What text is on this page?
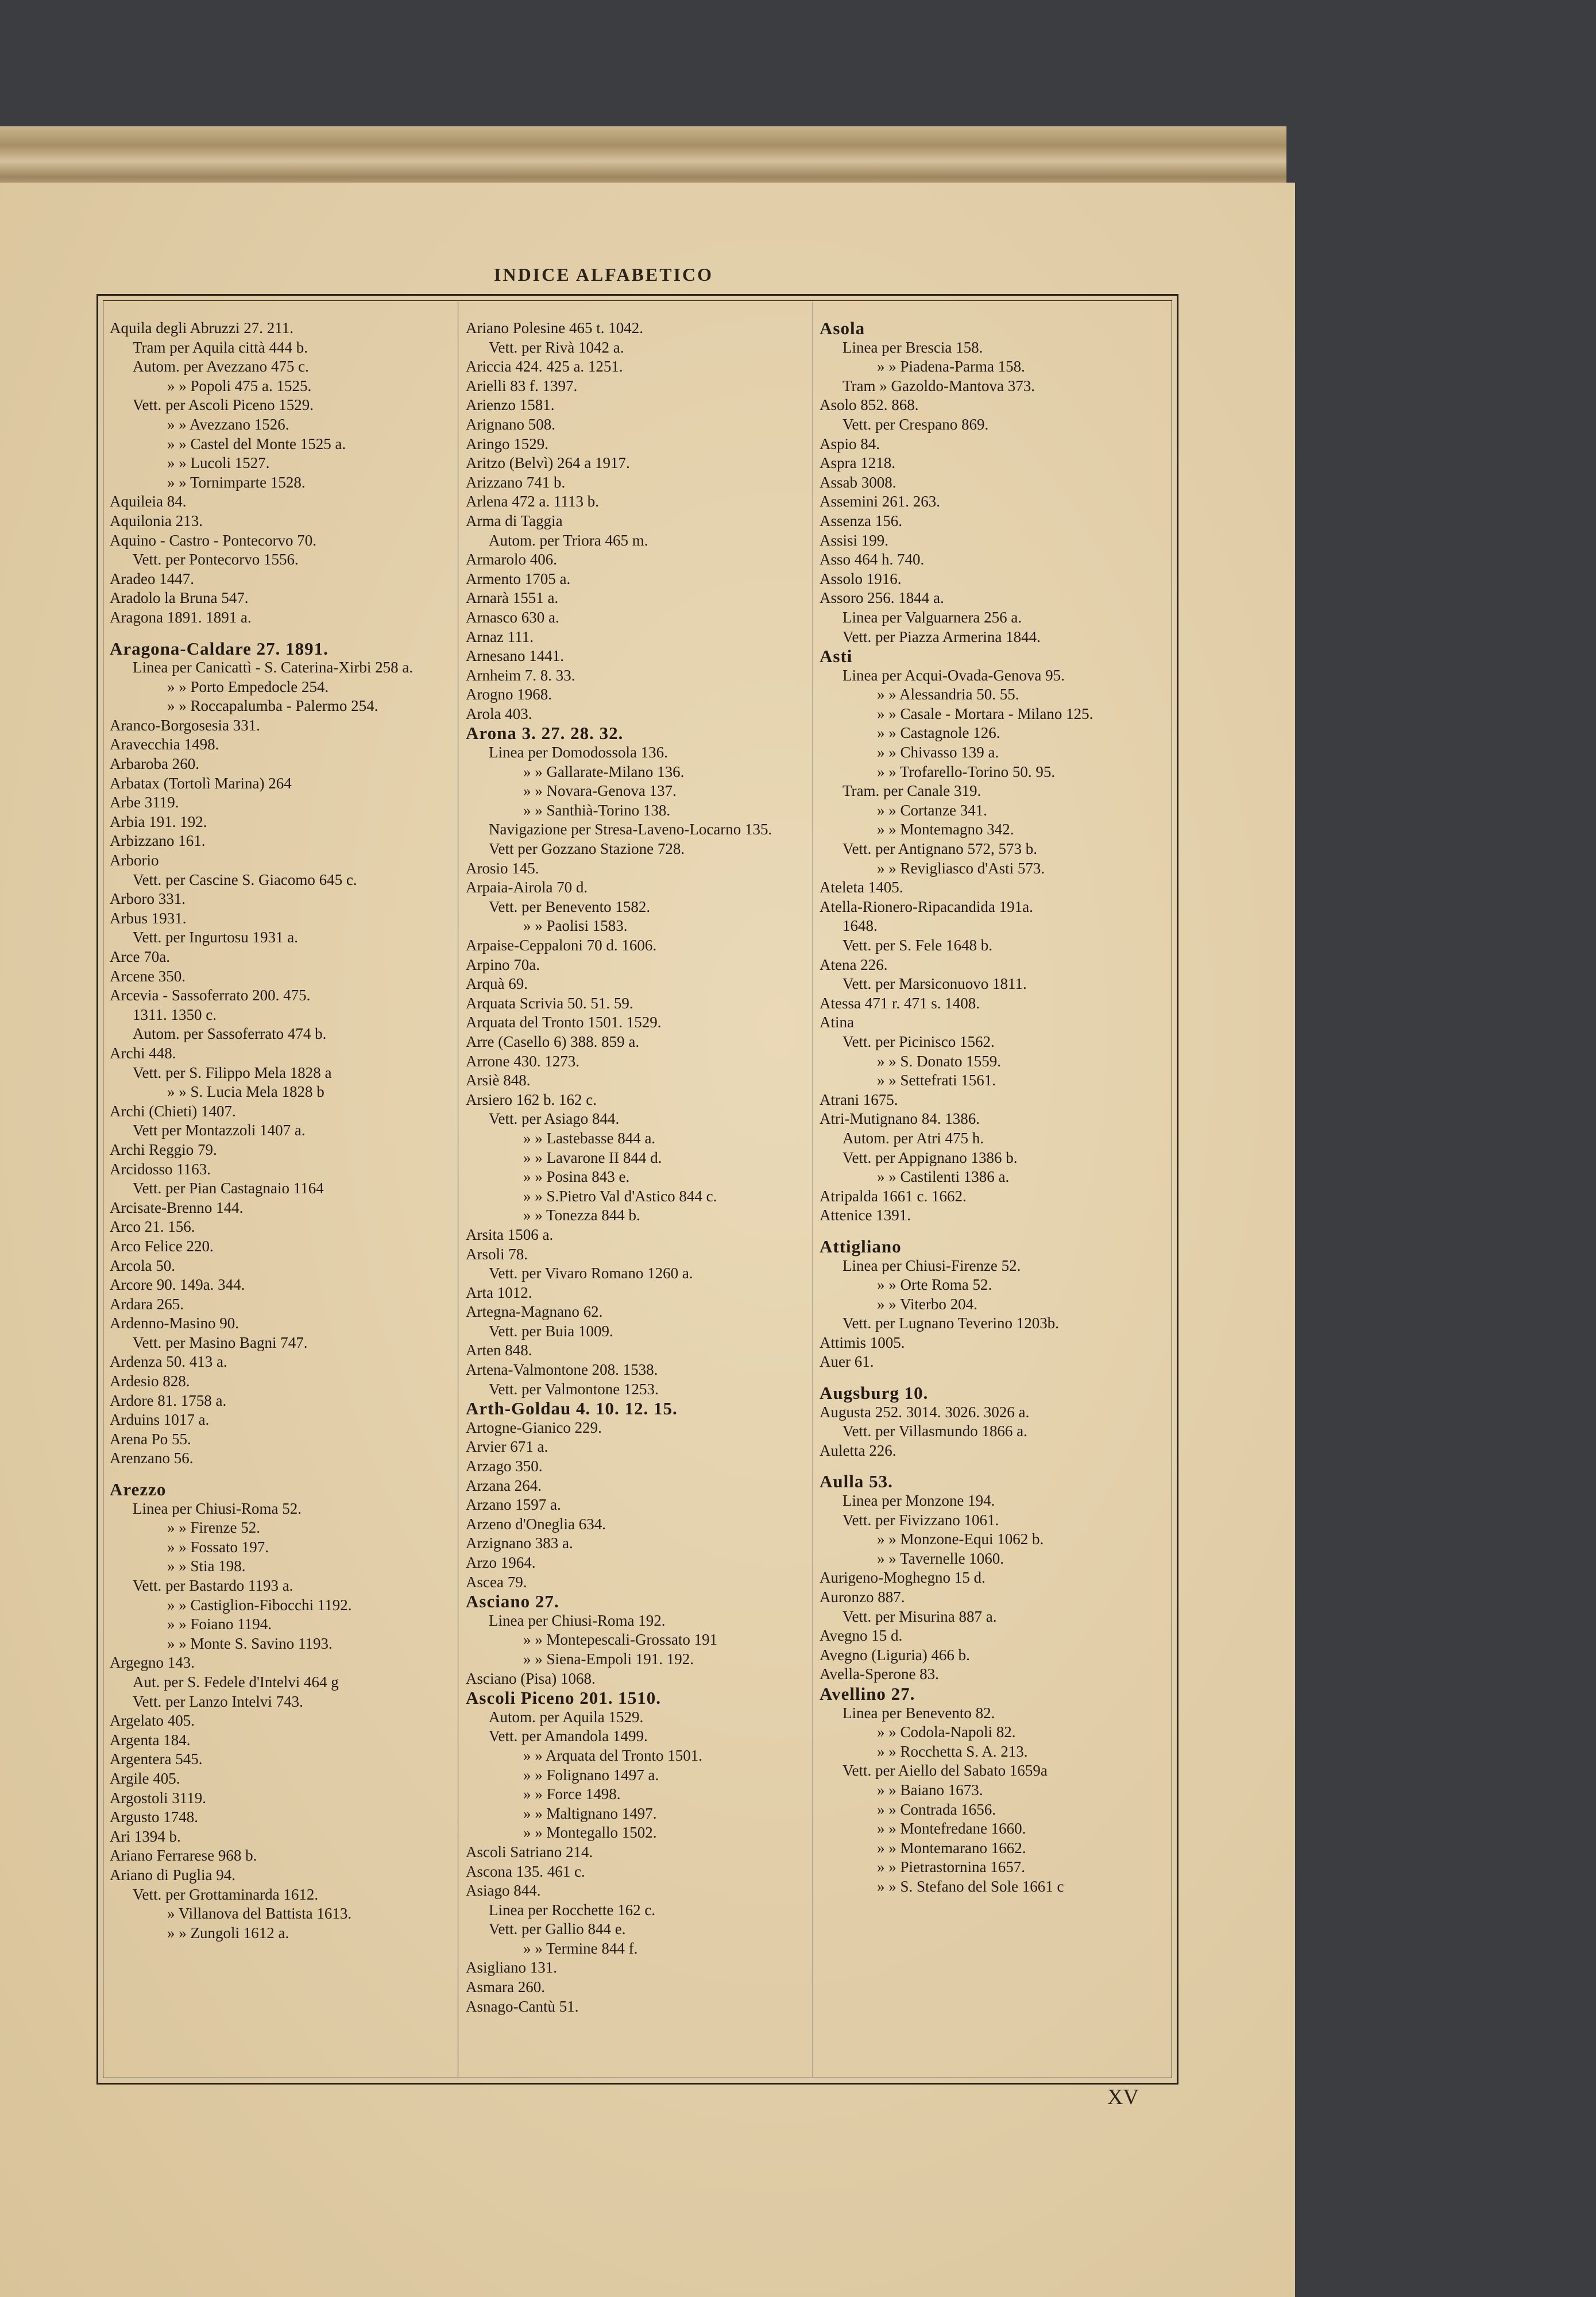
INDICE ALFABETICO
Aquila degli Abruzzi 27. 211.
Tram per Aquila città 444 b.
Autom. per Avezzano 475 c.
» » Popoli 475 a. 1525.
Vett. per Ascoli Piceno 1529.
» » Avezzano 1526.
» » Castel del Monte 1525 a.
» » Lucoli 1527.
» » Tornimparte 1528.
Aquileia 84.
Aquilonia 213.
Aquino - Castro - Pontecorvo 70.
Vett. per Pontecorvo 1556.
Aradeo 1447.
Aradolo la Bruna 547.
Aragona 1891. 1891 a.
Aragona-Caldare 27. 1891.
Linea per Canicattì - S. Caterina-Xirbi 258 a.
» » Porto Empedocle 254.
» » Roccapalumba - Palermo 254.
Aranco-Borgosesia 331.
Aravecchia 1498.
Arbaroba 260.
Arbatax (Tortolì Marina) 264
Arbe 3119.
Arbia 191. 192.
Arbizzano 161.
Arborio
Vett. per Cascine S. Giacomo 645 c.
Arboro 331.
Arbus 1931.
Vett. per Ingurtosu 1931 a.
Arce 70a.
Arcene 350.
Arcevia - Sassoferrato 200. 475.
1311. 1350 c.
Autom. per Sassoferrato 474 b.
Archi 448.
Vett. per S. Filippo Mela 1828 a
» » S. Lucia Mela 1828 b
Archi (Chieti) 1407.
Vett per Montazzoli 1407 a.
Archi Reggio 79.
Arcidosso 1163.
Vett. per Pian Castagnaio 1164
Arcisate-Brenno 144.
Arco 21. 156.
Arco Felice 220.
Arcola 50.
Arcore 90. 149a. 344.
Ardara 265.
Ardenno-Masino 90.
Vett. per Masino Bagni 747.
Ardenza 50. 413 a.
Ardesio 828.
Ardore 81. 1758 a.
Arduins 1017 a.
Arena Po 55.
Arenzano 56.
Arezzo
Linea per Chiusi-Roma 52.
» » Firenze 52.
» » Fossato 197.
» » Stia 198.
Vett. per Bastardo 1193 a.
» » Castiglion-Fibocchi 1192.
» » Foiano 1194.
» » Monte S. Savino 1193.
Argegno 143.
Aut. per S. Fedele d'Intelvi 464 g
Vett. per Lanzo Intelvi 743.
Argelato 405.
Argenta 184.
Argentera 545.
Argile 405.
Argostoli 3119.
Argusto 1748.
Ari 1394 b.
Ariano Ferrarese 968 b.
Ariano di Puglia 94.
Vett. per Grottaminarda 1612.
» Villanova del Battista 1613.
» » Zungoli 1612 a.
Ariano Polesine 465 t. 1042.
Vett. per Rivà 1042 a.
Ariccia 424. 425 a. 1251.
Arielli 83 f. 1397.
Arienzo 1581.
Arignano 508.
Aringo 1529.
Aritzo (Belvì) 264 a 1917.
Arizzano 741 b.
Arlena 472 a. 1113 b.
Arma di Taggia
Autom. per Triora 465 m.
Armarolo 406.
Armento 1705 a.
Arnarà 1551 a.
Arnasco 630 a.
Arnaz 111.
Arnesano 1441.
Arnheim 7. 8. 33.
Arogno 1968.
Arola 403.
Arona 3. 27. 28. 32.
Linea per Domodossola 136.
» » Gallarate-Milano 136.
» » Novara-Genova 137.
» » Santhià-Torino 138.
Navigazione per Stresa-Laveno-Locarno 135.
Vett per Gozzano Stazione 728.
Arosio 145.
Arpaia-Airola 70 d.
Vett. per Benevento 1582.
» » Paolisi 1583.
Arpaise-Ceppaloni 70 d. 1606.
Arpino 70a.
Arquà 69.
Arquata Scrivia 50. 51. 59.
Arquata del Tronto 1501. 1529.
Arre (Casello 6) 388. 859 a.
Arrone 430. 1273.
Arsiè 848.
Arsiero 162 b. 162 c.
Vett. per Asiago 844.
» » Lastebasse 844 a.
» » Lavarone II 844 d.
» » Posina 843 e.
» » S.Pietro Val d'Astico 844 c.
» » Tonezza 844 b.
Arsita 1506 a.
Arsoli 78.
Vett. per Vivaro Romano 1260 a.
Arta 1012.
Artegna-Magnano 62.
Vett. per Buia 1009.
Arten 848.
Artena-Valmontone 208. 1538.
Vett. per Valmontone 1253.
Arth-Goldau 4. 10. 12. 15.
Artogne-Gianico 229.
Arvier 671 a.
Arzago 350.
Arzana 264.
Arzano 1597 a.
Arzeno d'Oneglia 634.
Arzignano 383 a.
Arzo 1964.
Ascea 79.
Asciano 27.
Linea per Chiusi-Roma 192.
» » Montepescali-Grossato 191
» » Siena-Empoli 191. 192.
Asciano (Pisa) 1068.
Ascoli Piceno 201. 1510.
Autom. per Aquila 1529.
Vett. per Amandola 1499.
» » Arquata del Tronto 1501.
» » Folignano 1497 a.
» » Force 1498.
» » Maltignano 1497.
» » Montegallo 1502.
Ascoli Satriano 214.
Ascona 135. 461 c.
Asiago 844.
Linea per Rocchette 162 c.
Vett. per Gallio 844 e.
» » Termine 844 f.
Asigliano 131.
Asmara 260.
Asnago-Cantù 51.
Asola
Linea per Brescia 158.
» » Piadena-Parma 158.
Tram » Gazoldo-Mantova 373.
Asolo 852. 868.
Vett. per Crespano 869.
Aspio 84.
Aspra 1218.
Assab 3008.
Assemini 261. 263.
Assenza 156.
Assisi 199.
Asso 464 h. 740.
Assolo 1916.
Assoro 256. 1844 a.
Linea per Valguarnera 256 a.
Vett. per Piazza Armerina 1844.
Asti
Linea per Acqui-Ovada-Genova 95.
» » Alessandria 50. 55.
» » Casale - Mortara - Milano 125.
» » Castagnole 126.
» » Chivasso 139 a.
» » Trofarello-Torino 50. 95.
Tram. per Canale 319.
» » Cortanze 341.
» » Montemagno 342.
Vett. per Antignano 572, 573 b.
» » Revigliasco d'Asti 573.
Ateleta 1405.
Atella-Rionero-Ripacandida 191a.
1648.
Vett. per S. Fele 1648 b.
Atena 226.
Vett. per Marsiconuovo 1811.
Atessa 471 r. 471 s. 1408.
Atina
Vett. per Picinisco 1562.
» » S. Donato 1559.
» » Settefrati 1561.
Atrani 1675.
Atri-Mutignano 84. 1386.
Autom. per Atri 475 h.
Vett. per Appignano 1386 b.
» » Castilenti 1386 a.
Atripalda 1661 c. 1662.
Attenice 1391.
Attigliano
Linea per Chiusi-Firenze 52.
» » Orte Roma 52.
» » Viterbo 204.
Vett. per Lugnano Teverino 1203b.
Attimis 1005.
Auer 61.
Augsburg 10.
Augusta 252. 3014. 3026. 3026 a.
Vett. per Villasmundo 1866 a.
Auletta 226.
Aulla 53.
Linea per Monzone 194.
Vett. per Fivizzano 1061.
» » Monzone-Equi 1062 b.
» » Tavernelle 1060.
Aurigeno-Moghegno 15 d.
Auronzo 887.
Vett. per Misurina 887 a.
Avegno 15 d.
Avegno (Liguria) 466 b.
Avella-Sperone 83.
Avellino 27.
Linea per Benevento 82.
» » Codola-Napoli 82.
» » Rocchetta S. A. 213.
Vett. per Aiello del Sabato 1659a
» » Baiano 1673.
» » Contrada 1656.
» » Montefredane 1660.
» » Montemarano 1662.
» » Pietrastornina 1657.
» » S. Stefano del Sole 1661 c
XV
